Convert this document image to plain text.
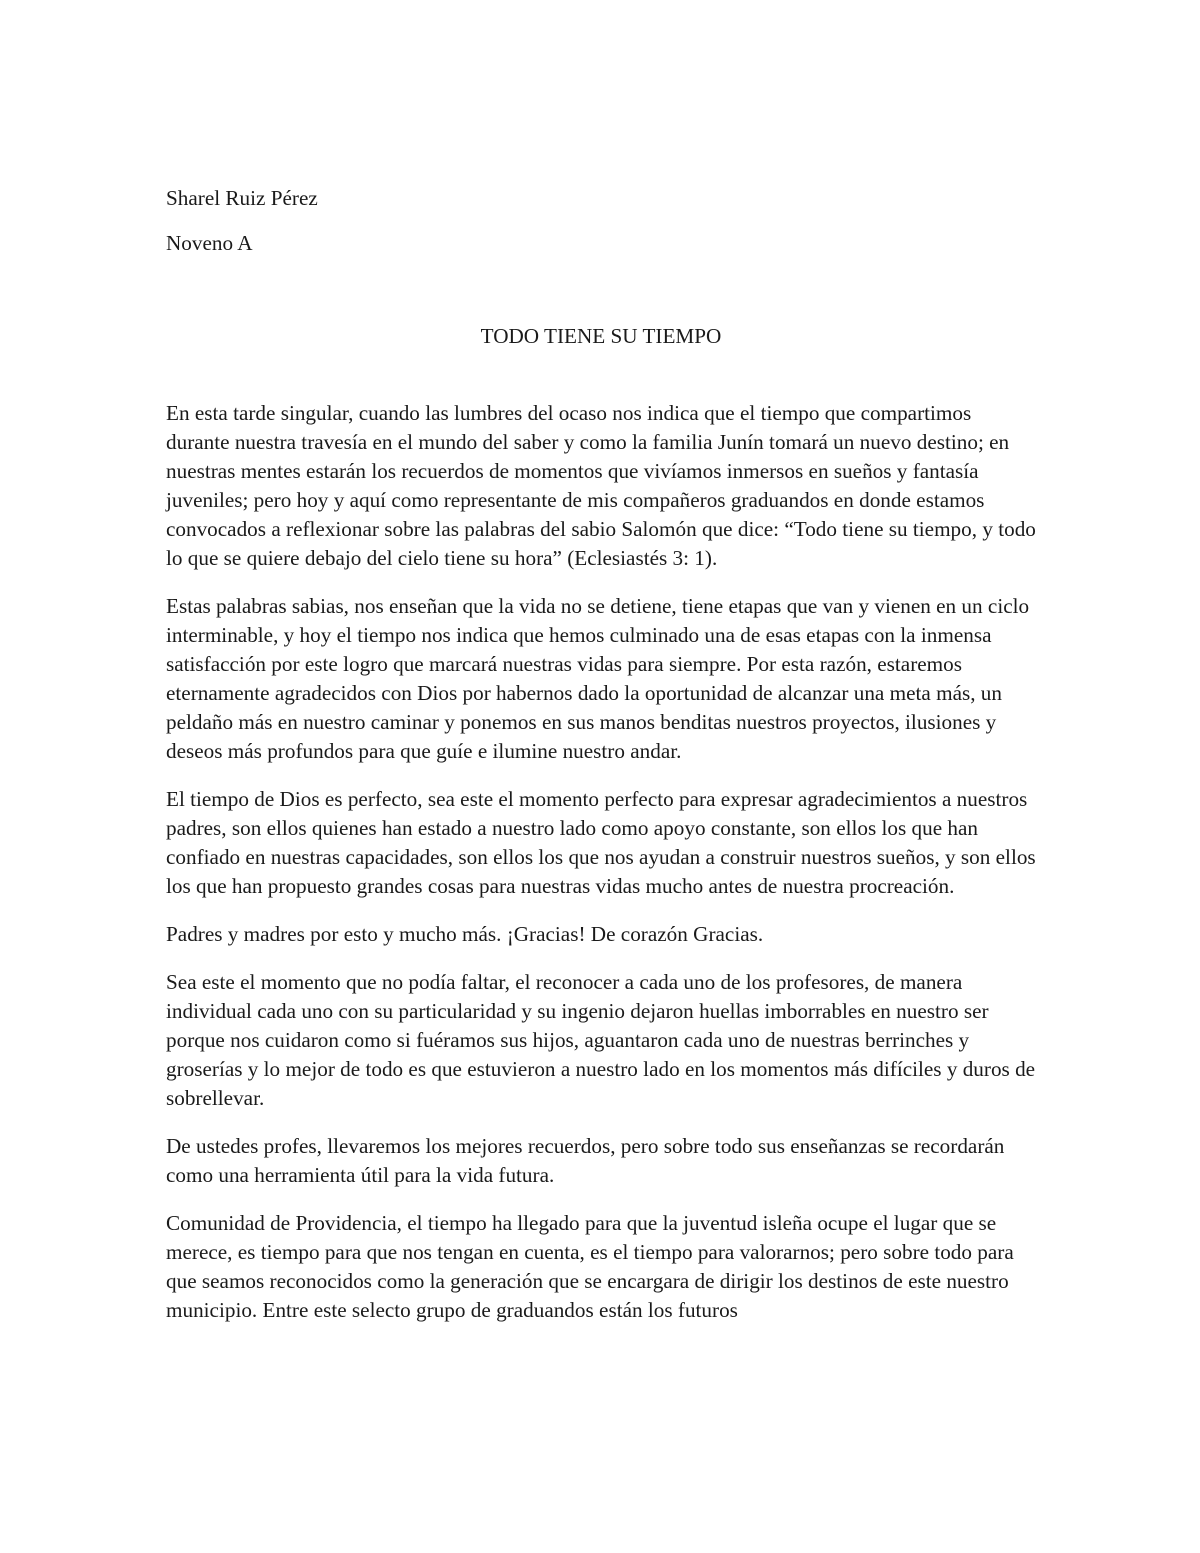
Sharel Ruiz Pérez

Noveno A

TODO TIENE SU TIEMPO

En esta tarde singular, cuando las lumbres del ocaso nos indica que el tiempo que compartimos durante nuestra travesía en el mundo del saber y como la familia Junín tomará un nuevo destino; en nuestras mentes estarán los recuerdos de momentos que vivíamos inmersos en sueños y fantasía juveniles; pero hoy y aquí como representante de mis compañeros graduandos en donde estamos convocados a reflexionar sobre las palabras del sabio Salomón que dice: “Todo tiene su tiempo, y todo lo que se quiere debajo del cielo tiene su hora” (Eclesiastés 3: 1).

Estas palabras sabias, nos enseñan que la vida no se detiene, tiene etapas que van y vienen en un ciclo interminable, y hoy el tiempo nos indica que hemos culminado una de esas etapas con la inmensa satisfacción por este logro que marcará nuestras vidas para siempre. Por esta razón, estaremos eternamente agradecidos con Dios por habernos dado la oportunidad de alcanzar una meta más, un peldaño más en nuestro caminar y ponemos en sus manos benditas nuestros proyectos, ilusiones y deseos más profundos para que guíe e ilumine nuestro andar.

El tiempo de Dios es perfecto, sea este el momento perfecto para expresar agradecimientos a nuestros padres, son ellos quienes han estado a nuestro lado como apoyo constante, son ellos los que han confiado en nuestras capacidades, son ellos los que nos ayudan a construir nuestros sueños, y son ellos los que han propuesto grandes cosas para nuestras vidas mucho antes de nuestra procreación.

Padres y madres por esto y mucho más. ¡Gracias! De corazón Gracias.

Sea este el momento que no podía faltar, el reconocer a cada uno de los profesores, de manera individual cada uno con su particularidad y su ingenio dejaron huellas imborrables en nuestro ser porque nos cuidaron como si fuéramos sus hijos, aguantaron cada uno de nuestras berrinches y groserías y lo mejor de todo es que estuvieron a nuestro lado en los momentos más difíciles y duros de sobrellevar.

De ustedes profes, llevaremos los mejores recuerdos, pero sobre todo sus enseñanzas se recordarán como una herramienta útil para la vida futura.

Comunidad de Providencia, el tiempo ha llegado para que la juventud isleña ocupe el lugar que se merece, es tiempo para que nos tengan en cuenta, es el tiempo para valorarnos; pero sobre todo para que seamos reconocidos como la generación que se encargara de dirigir los destinos de este nuestro municipio. Entre este selecto grupo de graduandos están los futuros
